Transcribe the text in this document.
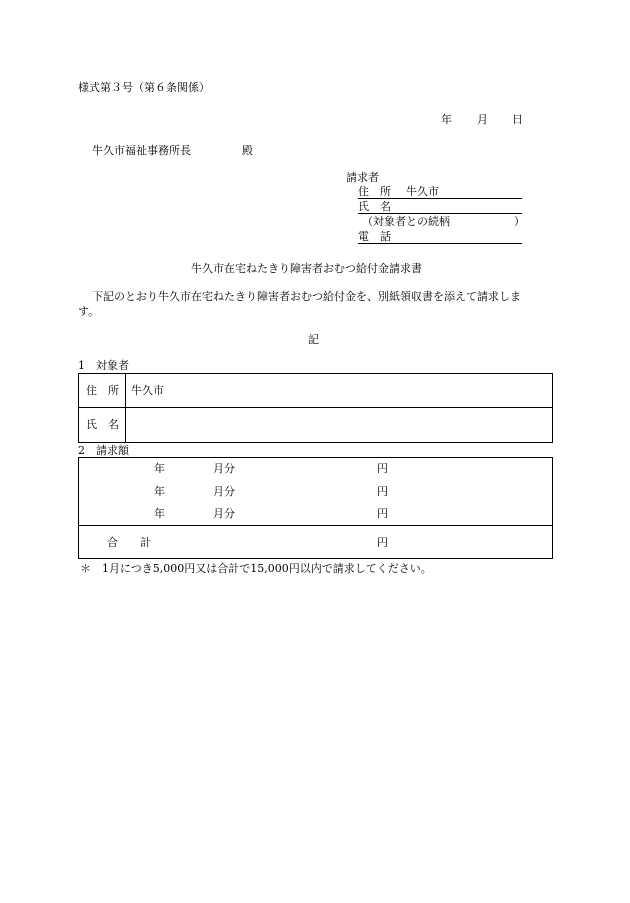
様式第３号（第６条関係）
年 月 日
牛久市福祉事務所長	殿
請求者
住　所 牛久市
氏　名
（対象者との続柄	）
電　話
牛久市在宅ねたきり障害者おむつ給付金請求書
下記のとおり牛久市在宅ねたきり障害者おむつ給付金を、別紙領収書を添えて請求しま
す。
記
1　対象者
住　所 牛久市
氏　名
2　請求額
年	月分	円
年	月分	円
年	月分	円
合　　計	円
＊　1月につき5,000円又は合計で15,000円以内で請求してください。
